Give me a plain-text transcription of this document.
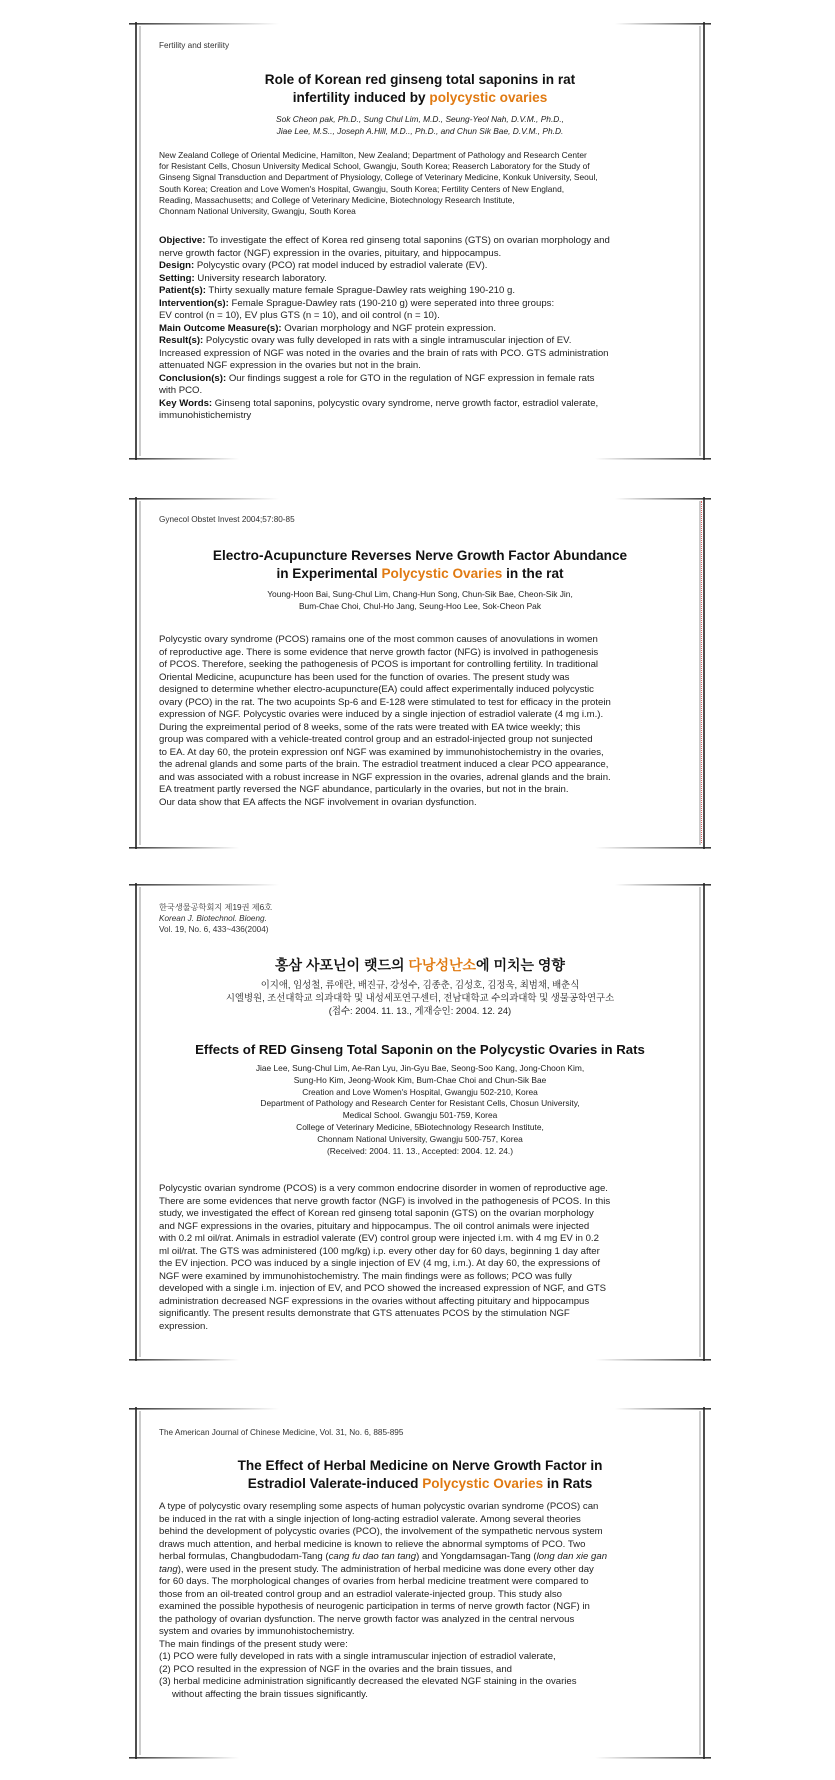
Fertility and sterility
Role of Korean red ginseng total saponins in rat
infertility induced by polycystic ovaries
Sok Cheon pak, Ph.D., Sung Chul Lim, M.D., Seung-Yeol Nah, D.V.M., Ph.D.,
Jiae Lee, M.S.., Joseph A.Hill, M.D.., Ph.D., and Chun Sik Bae, D.V.M., Ph.D.
New Zealand College of Oriental Medicine, Hamilton, New Zealand; Department of Pathology and Research Center
for Resistant Cells, Chosun University Medical School, Gwangju, South Korea; Reaserch Laboratory for the Study of
Ginseng Signal Transduction and Department of Physiology, College of Veterinary Medicine, Konkuk University, Seoul,
South Korea; Creation and Love Women's Hospital, Gwangju, South Korea; Fertility Centers of New England,
Reading, Massachusetts; and College of Veterinary Medicine, Biotechnology Research Institute,
Chonnam National University, Gwangju, South Korea

Objective: To investigate the effect of Korea red ginseng total saponins (GTS) on ovarian morphology and

nerve growth factor (NGF) expression in the ovaries, pituitary, and hippocampus.

Design: Polycystic ovary (PCO) rat model induced by estradiol valerate (EV).

Setting: University research laboratory.

Patient(s): Thirty sexually mature female Sprague-Dawley rats weighing 190-210 g.

Intervention(s): Female Sprague-Dawley rats (190-210 g) were seperated into three groups:

EV control (n = 10), EV plus GTS (n = 10), and oil control (n = 10).

Main Outcome Measure(s): Ovarian morphology and NGF protein expression.

Result(s): Polycystic ovary was fully developed in rats with a single intramuscular injection of EV.

Increased expression of NGF was noted in the ovaries and the brain of rats with PCO. GTS administration

attenuated NGF expression in the ovaries but not in the brain.

Conclusion(s): Our findings suggest a role for GTO in the regulation of NGF expression in female rats

with PCO.

Key Words: Ginseng total saponins, polycystic ovary syndrome, nerve growth factor, estradiol valerate,

immunohistichemistry

Gynecol Obstet Invest 2004;57:80-85
Electro-Acupuncture Reverses Nerve Growth Factor Abundance
in Experimental Polycystic Ovaries in the rat
Young-Hoon Bai, Sung-Chul Lim, Chang-Hun Song, Chun-Sik Bae, Cheon-Sik Jin,
Bum-Chae Choi, Chul-Ho Jang, Seung-Hoo Lee, Sok-Cheon Pak

Polycystic ovary syndrome (PCOS) ramains one of the most common causes of anovulations in women

of reproductive age. There is some evidence that nerve growth factor (NFG) is involved in pathogenesis

of PCOS. Therefore, seeking the pathogenesis of PCOS is important for controlling fertility. In traditional

Oriental Medicine, acupuncture has been used for the function of ovaries. The present study was

designed to determine whether electro-acupuncture(EA) could affect experimentally induced polycystic

ovary (PCO) in the rat. The two acupoints Sp-6 and E-128 were stimulated to test for efficacy in the protein

expression of NGF. Polycystic ovaries were induced by a single injection of estradiol valerate (4 mg i.m.).

During the expreimental period of 8 weeks, some of the rats were treated with EA twice weekly; this

group was compared with a vehicle-treated control group and an estradol-injected group not sunjected

to EA. At day 60, the protein expression onf NGF was examined by immunohistochemistry in the ovaries,

the adrenal glands and some parts of the brain. The estradiol treatment induced a clear PCO appearance,

and was associated with a robust increase in NGF expression in the ovaries, adrenal glands and the brain.

EA treatment partly reversed the NGF abundance, particularly in the ovaries, but not in the brain.

Our data show that EA affects the NGF involvement in ovarian dysfunction.

한국생물공학회지 제19권 제6호
Korean J. Biotechnol. Bioeng.
Vol. 19, No. 6, 433~436(2004)
홍삼 사포닌이 랫드의 다낭성난소에 미치는 영향
이지애, 임성철, 류애란, 배진규, 강성수, 김종춘, 김성호, 김정욱, 최범채, 배춘식
시엘병원, 조선대학교 의과대학 및 내성세포연구센터, 전남대학교 수의과대학 및 생물공학연구소
(접수: 2004. 11. 13., 게재승인: 2004. 12. 24)
Effects of RED Ginseng Total Saponin on the Polycystic Ovaries in Rats
Jiae Lee, Sung-Chul Lim, Ae-Ran Lyu, Jin-Gyu Bae, Seong-Soo Kang, Jong-Choon Kim,
Sung-Ho Kim, Jeong-Wook Kim, Bum-Chae Choi and Chun-Sik Bae
Creation and Love Women's Hospital, Gwangju 502-210, Korea
Department of Pathology and Research Center for Resistant Cells, Chosun University,
Medical School. Gwangju 501-759, Korea
College of Veterinary Medicine, 5Biotechnology Research Institute,
Chonnam National University, Gwangju 500-757, Korea
(Received: 2004. 11. 13., Accepted: 2004. 12. 24.)

Polycystic ovarian syndrome (PCOS) is a very common endocrine disorder in women of reproductive age.

There are some evidences that nerve growth factor (NGF) is involved in the pathogenesis of PCOS. In this

study, we investigated the effect of Korean red ginseng total saponin (GTS) on the ovarian morphology

and NGF expressions in the ovaries, pituitary and hippocampus. The oil control animals were injected

with 0.2 ml oil/rat. Animals in estradiol valerate (EV) control group were injected i.m. with 4 mg EV in 0.2

ml oil/rat. The GTS was administered (100 mg/kg) i.p. every other day for 60 days, beginning 1 day after

the EV injection. PCO was induced by a single injection of EV (4 mg, i.m.). At day 60, the expressions of

NGF were examined by immunohistochemistry. The main findings were as follows; PCO was fully

developed with a single i.m. injection of EV, and PCO showed the increased expression of NGF, and GTS

administration decreased NGF expressions in the ovaries without affecting pituitary and hippocampus

significantly. The present results demonstrate that GTS attenuates PCOS by the stimulation NGF

expression.

The American Journal of Chinese Medicine, Vol. 31, No. 6, 885-895
The Effect of Herbal Medicine on Nerve Growth Factor in
Estradiol Valerate-induced Polycystic Ovaries in Rats

A type of polycystic ovary resempling some aspects of human polycystic ovarian syndrome (PCOS) can

be induced in the rat with a single injection of long-acting estradiol valerate. Among several theories

behind the development of polycystic ovaries (PCO), the involvement of the sympathetic nervous system

draws much attention, and herbal medicine is known to relieve the abnormal symptoms of PCO. Two

herbal formulas, Changbudodam-Tang (cang fu dao tan tang) and Yongdamsagan-Tang (long dan xie gan

tang), were used in the present study. The administration of herbal medicine was done every other day

for 60 days. The morphological changes of ovaries from herbal medicine treatment were compared to

those from an oil-treated control group and an estradiol valerate-injected group. This study also

examined the possible hypothesis of neurogenic participation in terms of nerve growth factor (NGF) in

the pathology of ovarian dysfunction. The nerve growth factor was analyzed in the central nervous

system and ovaries by immunohistochemistry.

The main findings of the present study were:

(1) PCO were fully developed in rats with a single intramuscular injection of estradiol valerate,

(2) PCO resulted in the expression of NGF in the ovaries and the brain tissues, and

(3) herbal medicine administration significantly decreased the elevated NGF staining in the ovaries

without affecting the brain tissues significantly.
